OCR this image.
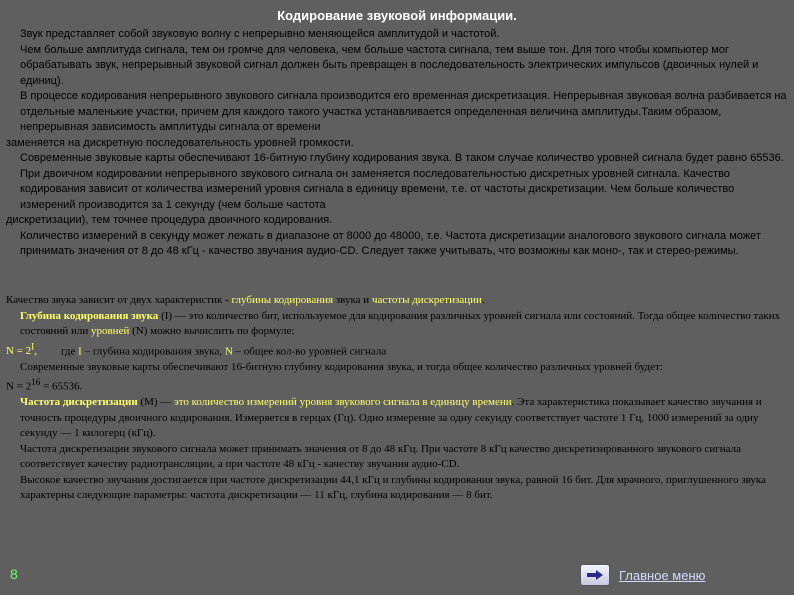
Кодирование звуковой информации.

Звук представляет собой звуковую волну с непрерывно меняющейся амплитудой и частотой.

Чем больше амплитуда сигнала, тем он громче для человека, чем больше частота сигнала, тем выше тон. Для того чтобы компьютер мог обрабатывать звук, непрерывный звуковой сигнал должен быть превращен в последовательность электрических импульсов (двоичных нулей и единиц).

В процессе кодирования непрерывного звукового сигнала производится его временная дискретизация. Непрерывная звуковая волна разбивается на отдельные маленькие участки, причем для каждого такого участка устанавливается определенная величина амплитуды.Таким образом, непрерывная зависимость амплитуды сигнала от времени

заменяется на дискретную последовательность уровней громкости.

Современные звуковые карты обеспечивают 16-битную глубину кодирования звука. В таком случае количество уровней сигнала будет равно 65536.

При двоичном кодировании непрерывного звукового сигнала он заменяется последовательностью дискретных уровней сигнала. Качество кодирования зависит от количества измерений уровня сигнала в единицу времени, т.е. от частоты дискретизации. Чем больше количество измерений производится за 1 секунду (чем больше частота

дискретизации), тем точнее процедура двоичного кодирования.

Количество измерений в секунду может лежать в диапазоне от 8000 до 48000, т.е. Частота дискретизации аналогового звукового сигнала может принимать значения от 8 до 48 кГц - качество звучания аудио-CD. Следует также учитывать, что возможны как моно-, так и стерео-режимы.

Качество звука зависит от двух характеристик - глубины кодирования звука и частоты дискретизации.

Глубина кодирования звука (I) — это количество бит, используемое для кодирования различных уровней сигнала или состояний. Тогда общее количество таких состояний или уровней (N) можно вычислить по формуле:

$N = 2^I$, где I – глубина кодирования звука, N – общее кол-во уровней сигнала

Современные звуковые карты обеспечивают 16-битную глубину кодирования звука, и тогда общее количество различных уровней будет:

$N = 2^{16} = 65536$.

Частота дискретизации (М) — это количество измерений уровня звукового сигнала в единицу времени. Эта характеристика показывает качество звучания и точность процедуры двоичного кодирования. Измеряется в герцах (Гц). Одно измерение за одну секунду соответствует частоте 1 Гц, 1000 измерений за одну секунду — 1 килогерц (кГц).

Частота дискретизации звукового сигнала может принимать значения от 8 до 48 кГц. При частоте 8 кГц качество дискретизированного звукового сигнала соответствует качеству радиотрансляции, а при частоте 48 кГц - качеству звучания аудио-CD.

Высокое качество звучания достигается при частоте дискретизации 44,1 кГц и глубины кодирования звука, равной 16 бит. Для мрачного, приглушенного звука характерны следующие параметры: частота дискретизации — 11 кГц, глубина кодирования — 8 бит.

8	Главное меню
